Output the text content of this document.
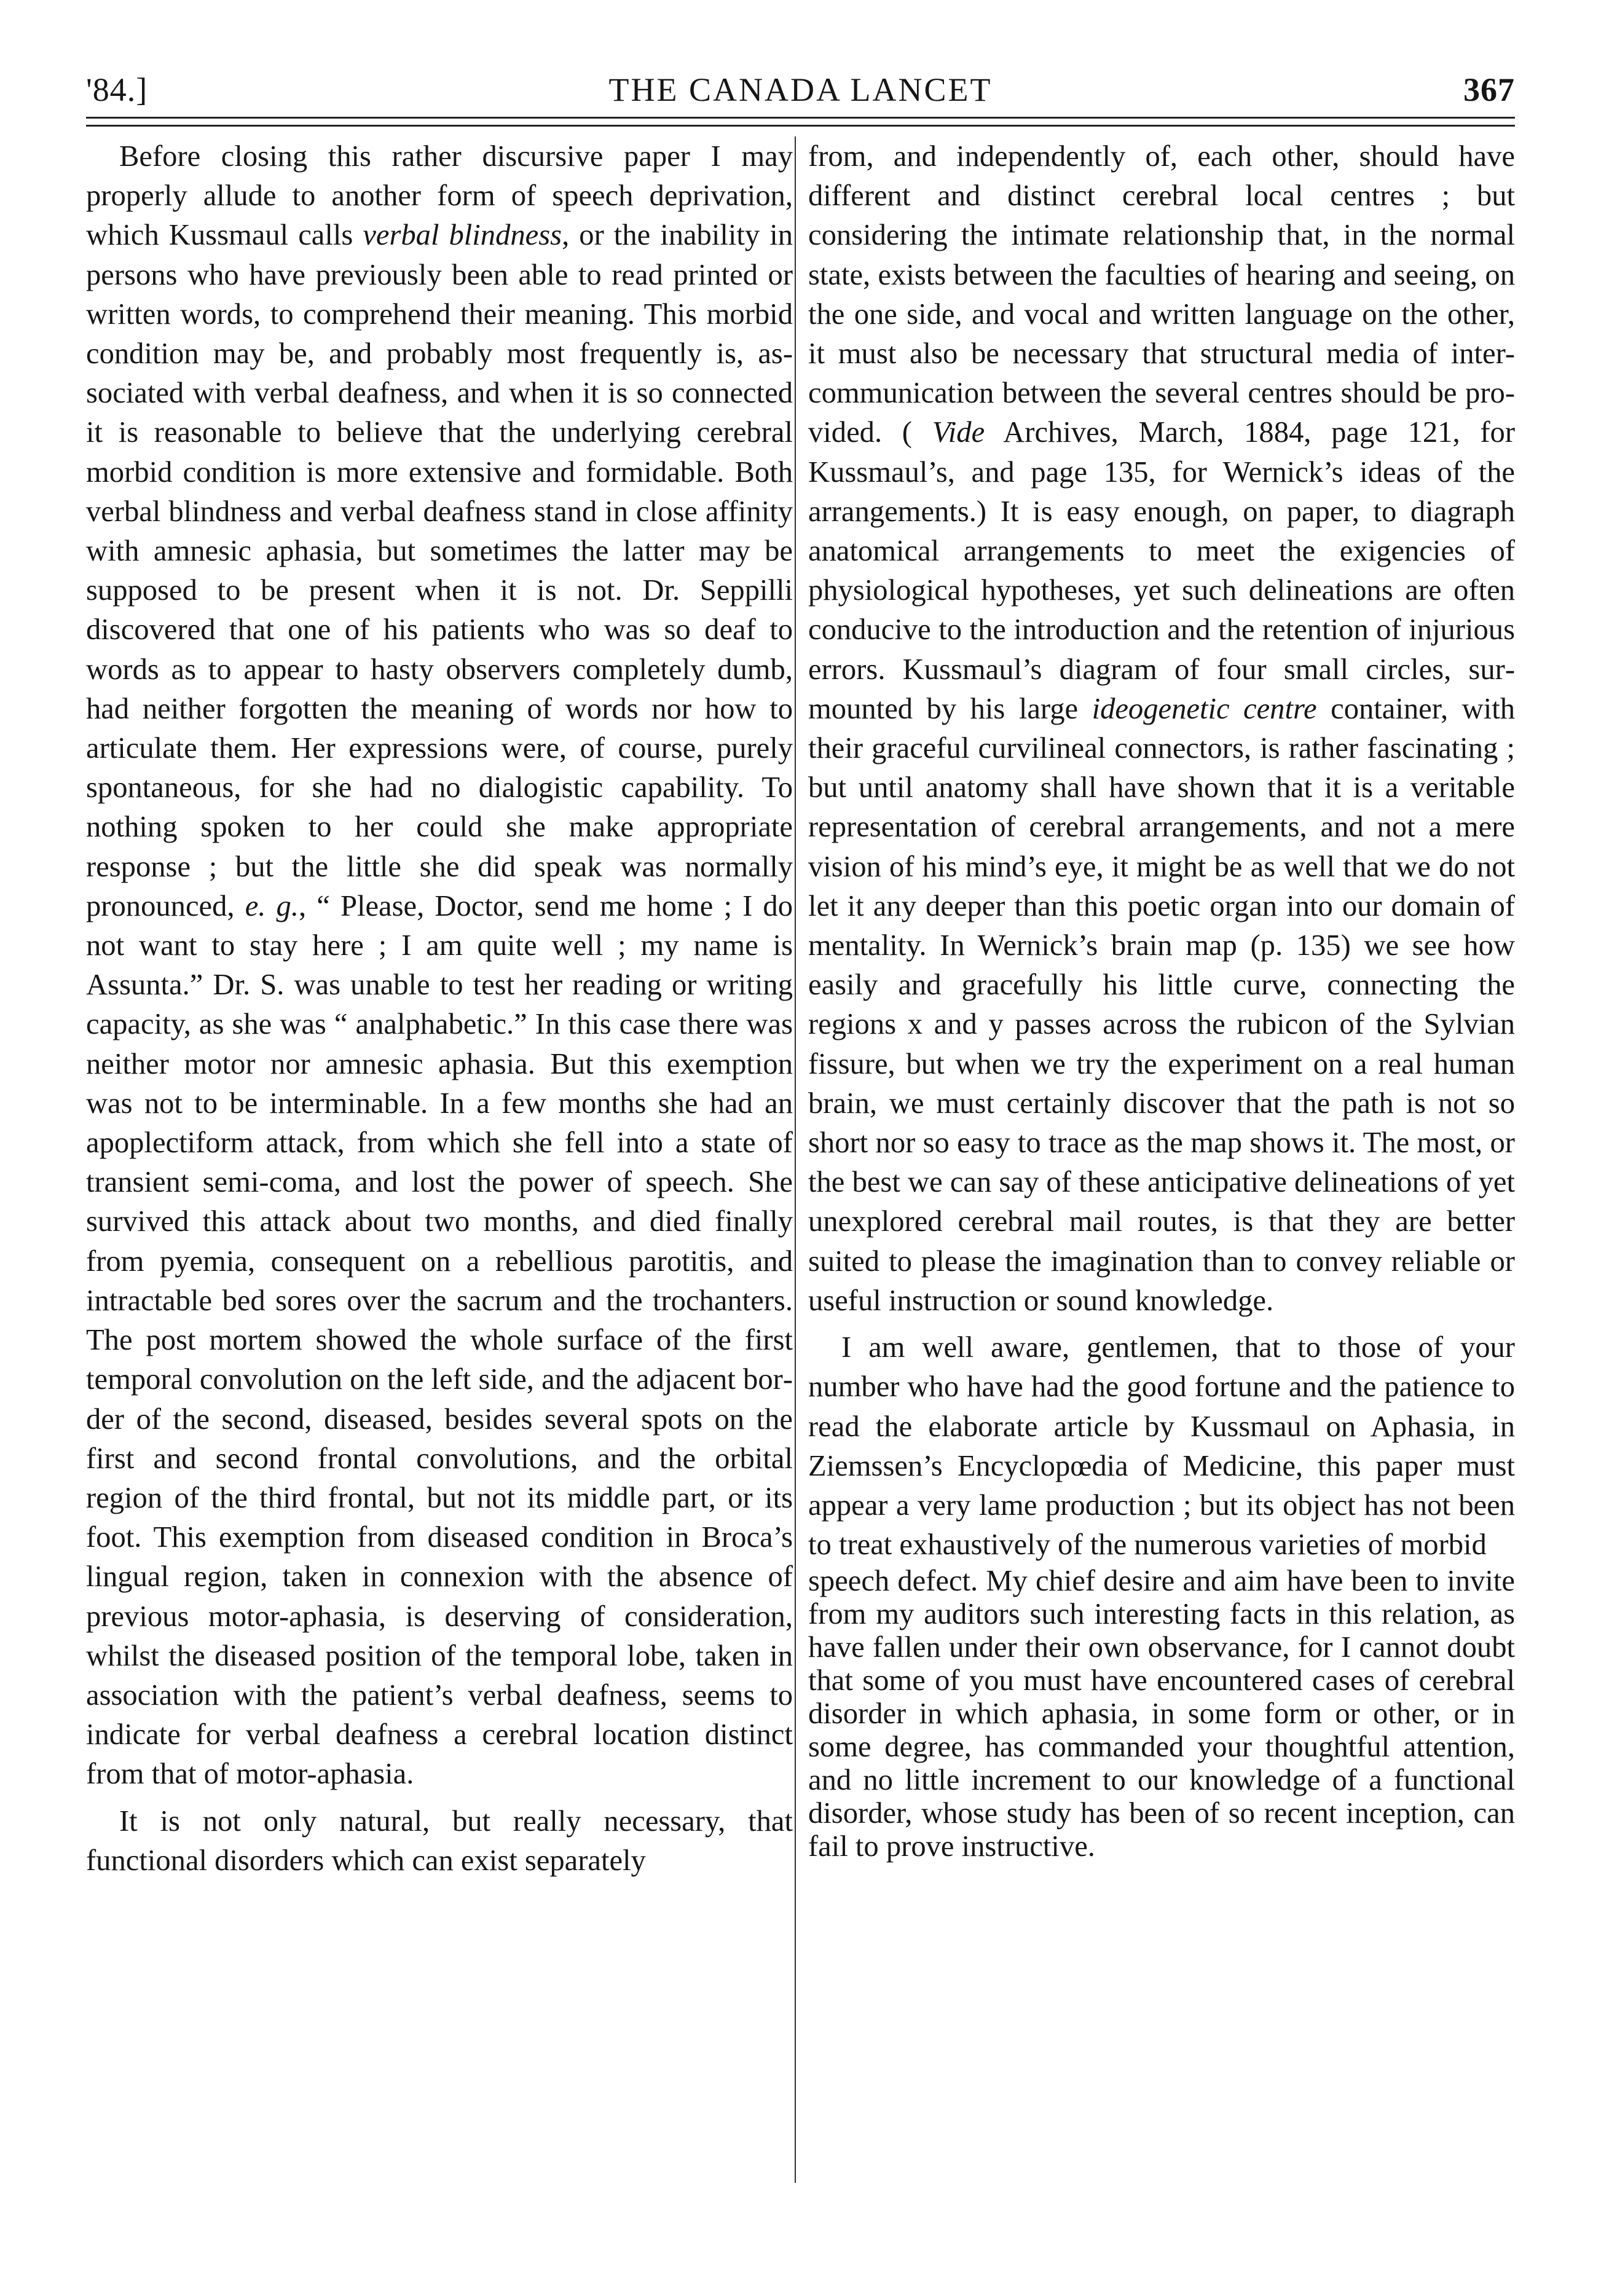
'84.]	THE CANADA LANCET	367

Before closing this rather discursive paper I may properly allude to another form of speech deprivation, which Kussmaul calls verbal blindness, or the inability in persons who have previously been able to read printed or written words, to comprehend their meaning. This morbid condition may be, and probably most frequently is, associated with verbal deafness, and when it is so connected it is reasonable to believe that the underlying cerebral morbid condition is more extensive and formidable. Both verbal blindness and verbal deafness stand in close affinity with amnesic aphasia, but sometimes the latter may be supposed to be present when it is not. Dr. Seppilli discovered that one of his patients who was so deaf to words as to appear to hasty observers completely dumb, had neither forgotten the meaning of words nor how to articulate them. Her expressions were, of course, purely spontaneous, for she had no dialogistic capability. To nothing spoken to her could she make appropriate response ; but the little she did speak was normally pronounced, e. g., “ Please, Doctor, send me home ; I do not want to stay here ; I am quite well ; my name is Assunta.” Dr. S. was unable to test her reading or writing capacity, as she was “ analphabetic.” In this case there was neither motor nor amnesic aphasia. But this exemption was not to be interminable. In a few months she had an apoplectiform attack, from which she fell into a state of transient semi-coma, and lost the power of speech. She survived this attack about two months, and died finally from pyemia, consequent on a rebellious parotitis, and intractable bed sores over the sacrum and the trochanters. The post mortem showed the whole surface of the first temporal convolution on the left side, and the adjacent border of the second, diseased, besides several spots on the first and second frontal convolutions, and the orbital region of the third frontal, but not its middle part, or its foot. This exemption from diseased condition in Broca’s lingual region, taken in connexion with the absence of previous motor-aphasia, is deserving of consideration, whilst the diseased position of the temporal lobe, taken in association with the patient’s verbal deafness, seems to indicate for verbal deafness a cerebral location distinct from that of motor-aphasia.

It is not only natural, but really necessary, that functional disorders which can exist separately

from, and independently of, each other, should have different and distinct cerebral local centres ; but considering the intimate relationship that, in the normal state, exists between the faculties of hearing and seeing, on the one side, and vocal and written language on the other, it must also be necessary that structural media of inter-communication between the several centres should be provided. ( Vide Archives, March, 1884, page 121, for Kussmaul’s, and page 135, for Wernick’s ideas of the arrangements.) It is easy enough, on paper, to diagraph anatomical arrangements to meet the exigencies of physiological hypotheses, yet such delineations are often conducive to the introduction and the retention of injurious errors. Kussmaul’s diagram of four small circles, surmounted by his large ideogenetic centre container, with their graceful curvilineal connectors, is rather fascinating ; but until anatomy shall have shown that it is a veritable representation of cerebral arrangements, and not a mere vision of his mind’s eye, it might be as well that we do not let it any deeper than this poetic organ into our domain of mentality. In Wernick’s brain map (p. 135) we see how easily and gracefully his little curve, connecting the regions x and y passes across the rubicon of the Sylvian fissure, but when we try the experiment on a real human brain, we must certainly discover that the path is not so short nor so easy to trace as the map shows it. The most, or the best we can say of these anticipative delineations of yet unexplored cerebral mail routes, is that they are better suited to please the imagination than to convey reliable or useful instruction or sound knowledge.

I am well aware, gentlemen, that to those of your number who have had the good fortune and the patience to read the elaborate article by Kussmaul on Aphasia, in Ziemssen’s Encyclopœdia of Medicine, this paper must appear a very lame production ; but its object has not been to treat exhaustively of the numerous varieties of morbid

speech defect. My chief desire and aim have been to invite from my auditors such interesting facts in this relation, as have fallen under their own observance, for I cannot doubt that some of you must have encountered cases of cerebral disorder in which aphasia, in some form or other, or in some degree, has commanded your thoughtful attention, and no little increment to our knowledge of a functional disorder, whose study has been of so recent inception, can fail to prove instructive.
